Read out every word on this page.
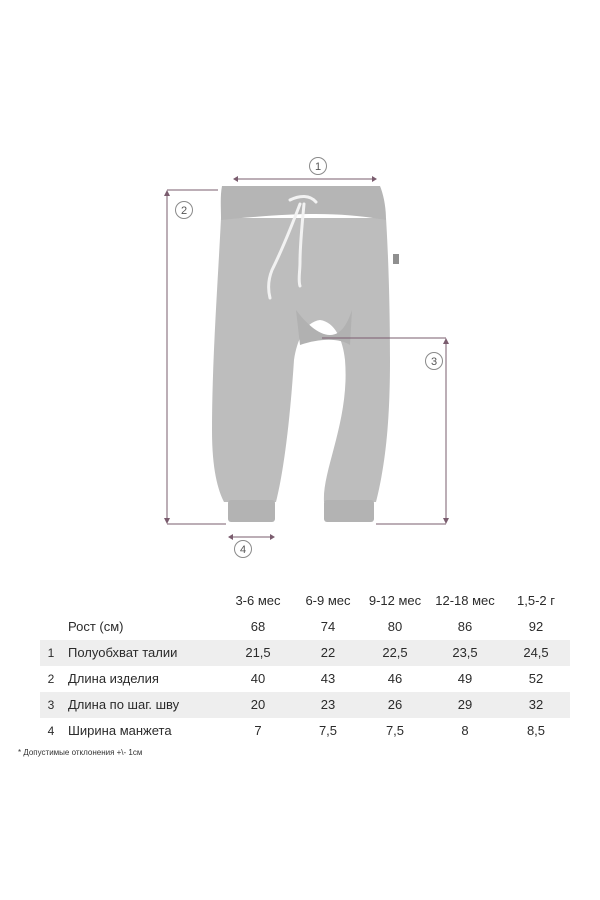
1
2
3
4
3-6 мес	6-9 мес	9-12 мес	12-18 мес	1,5-2 г
Рост (см)	68	74	80	86	92
1	Полуобхват талии	21,5	22	22,5	23,5	24,5
2	Длина изделия	40	43	46	49	52
3	Длина по шаг. шву	20	23	26	29	32
4	Ширина манжета	7	7,5	7,5	8	8,5
* Допустимые отклонения +\- 1см
